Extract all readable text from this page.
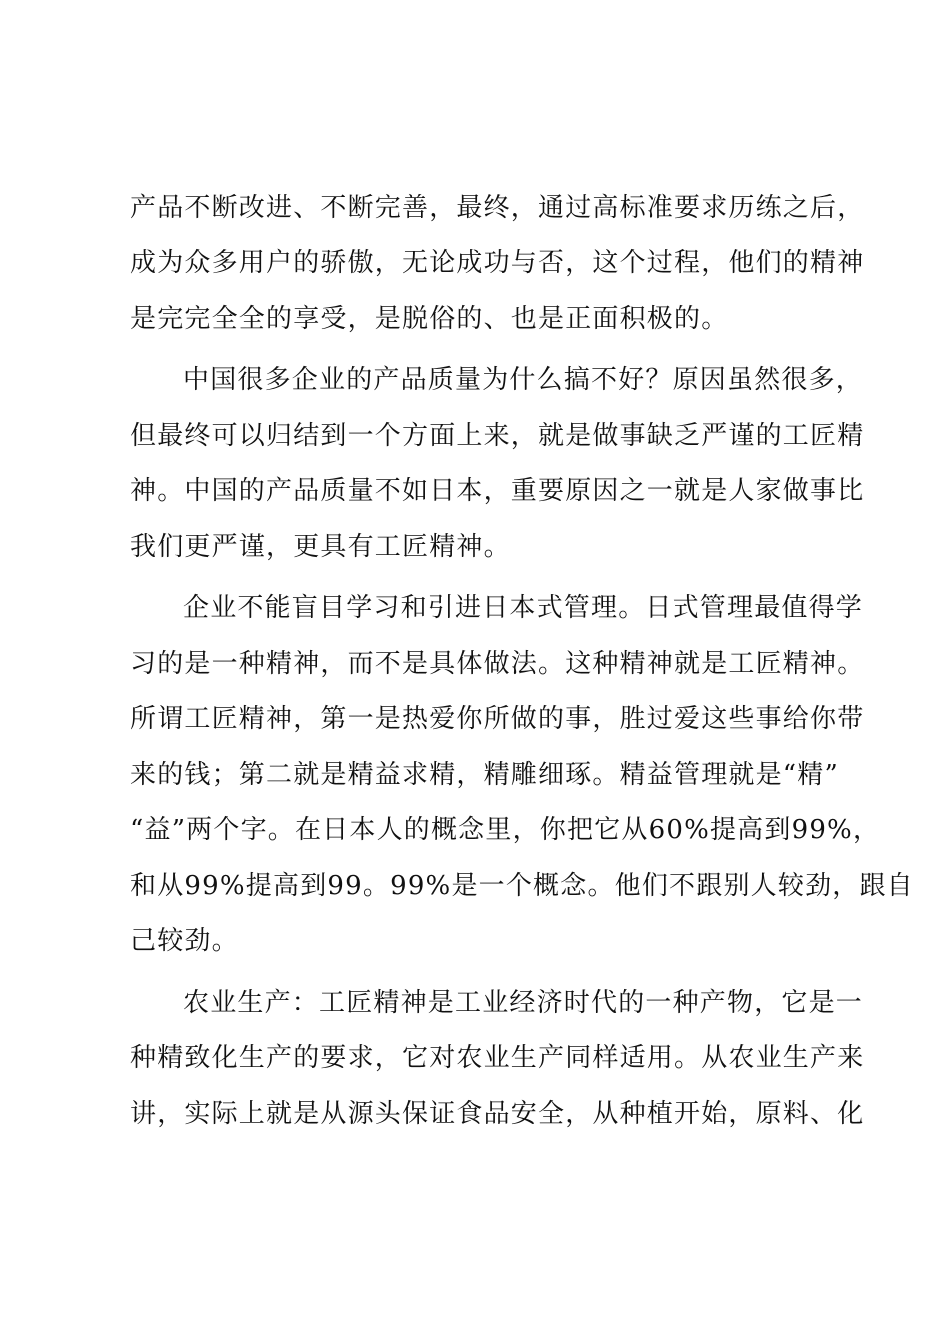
产品不断改进、不断完善，最终，通过高标准要求历练之后，
成为众多用户的骄傲，无论成功与否，这个过程，他们的精神
是完完全全的享受，是脱俗的、也是正面积极的。
中国很多企业的产品质量为什么搞不好？原因虽然很多，
但最终可以归结到一个方面上来，就是做事缺乏严谨的工匠精
神。中国的产品质量不如日本，重要原因之一就是人家做事比
我们更严谨，更具有工匠精神。
企业不能盲目学习和引进日本式管理。日式管理最值得学
习的是一种精神，而不是具体做法。这种精神就是工匠精神。
所谓工匠精神，第一是热爱你所做的事，胜过爱这些事给你带
来的钱；第二就是精益求精，精雕细琢。精益管理就是“精”
“益”两个字。在日本人的概念里，你把它从60%提高到99%，
和从99%提高到99。99%是一个概念。他们不跟别人较劲，跟自
己较劲。
农业生产：工匠精神是工业经济时代的一种产物，它是一
种精致化生产的要求，它对农业生产同样适用。从农业生产来
讲，实际上就是从源头保证食品安全，从种植开始，原料、化
